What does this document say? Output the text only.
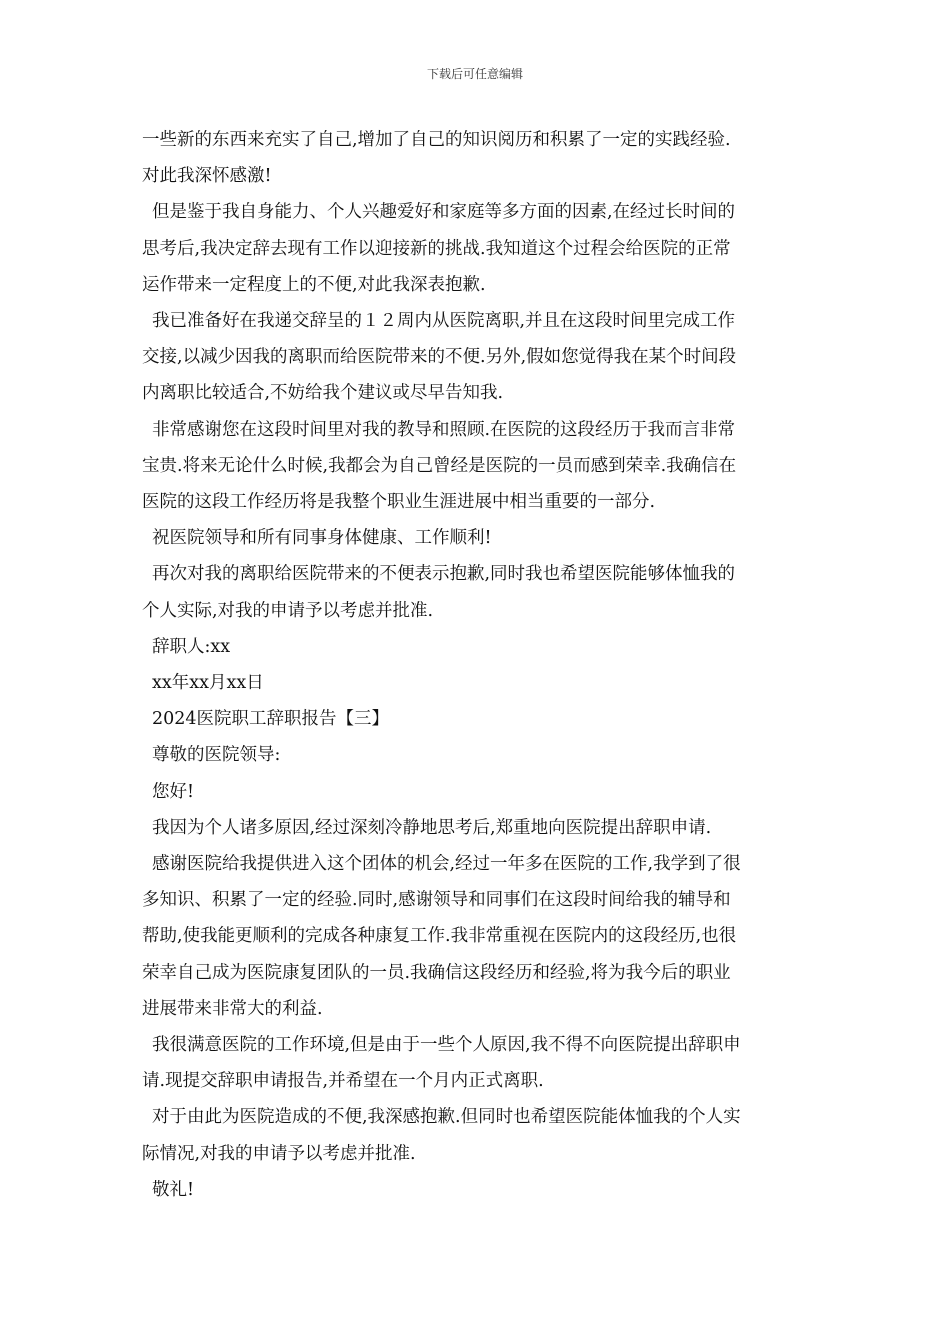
下载后可任意编辑

一些新的东西来充实了自己,增加了自己的知识阅历和积累了一定的实践经验.

对此我深怀感激!

但是鉴于我自身能力、个人兴趣爱好和家庭等多方面的因素,在经过长时间的

思考后,我决定辞去现有工作以迎接新的挑战.我知道这个过程会给医院的正常

运作带来一定程度上的不便,对此我深表抱歉.

我已准备好在我递交辞呈的１２周内从医院离职,并且在这段时间里完成工作

交接,以减少因我的离职而给医院带来的不便.另外,假如您觉得我在某个时间段

内离职比较适合,不妨给我个建议或尽早告知我.

非常感谢您在这段时间里对我的教导和照顾.在医院的这段经历于我而言非常

宝贵.将来无论什么时候,我都会为自己曾经是医院的一员而感到荣幸.我确信在

医院的这段工作经历将是我整个职业生涯进展中相当重要的一部分.

祝医院领导和所有同事身体健康、工作顺利!

再次对我的离职给医院带来的不便表示抱歉,同时我也希望医院能够体恤我的

个人实际,对我的申请予以考虑并批准.

辞职人:xx

xx年xx月xx日

2024医院职工辞职报告【三】

尊敬的医院领导:

您好!

我因为个人诸多原因,经过深刻冷静地思考后,郑重地向医院提出辞职申请.

感谢医院给我提供进入这个团体的机会,经过一年多在医院的工作,我学到了很

多知识、积累了一定的经验.同时,感谢领导和同事们在这段时间给我的辅导和

帮助,使我能更顺利的完成各种康复工作.我非常重视在医院内的这段经历,也很

荣幸自己成为医院康复团队的一员.我确信这段经历和经验,将为我今后的职业

进展带来非常大的利益.

我很满意医院的工作环境,但是由于一些个人原因,我不得不向医院提出辞职申

请.现提交辞职申请报告,并希望在一个月内正式离职.

对于由此为医院造成的不便,我深感抱歉.但同时也希望医院能体恤我的个人实

际情况,对我的申请予以考虑并批准.

敬礼!
